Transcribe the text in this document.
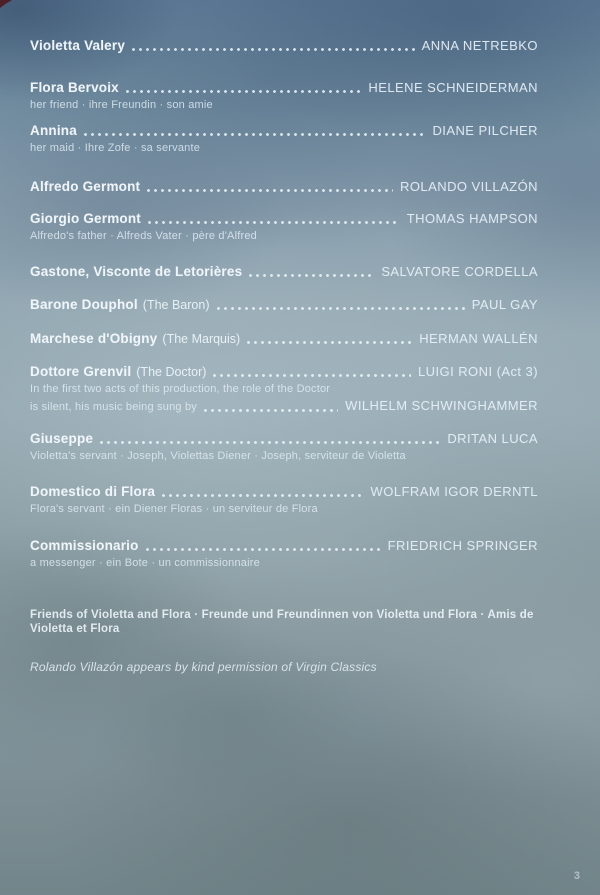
Violetta Valery	ANNA NETREBKO
Flora Bervoix	HELENE SCHNEIDERMAN
her friend · ihre Freundin · son amie
Annina	DIANE PILCHER
her maid · Ihre Zofe · sa servante
Alfredo Germont	ROLANDO VILLAZÓN
Giorgio Germont	THOMAS HAMPSON
Alfredo's father · Alfreds Vater · père d'Alfred
Gastone, Visconte de Letorières	SALVATORE CORDELLA
Barone Douphol (The Baron)	PAUL GAY
Marchese d'Obigny (The Marquis)	HERMAN WALLÉN
Dottore Grenvil (The Doctor)	LUIGI RONI (Act 3)
In the first two acts of this production, the role of the Doctor
is silent, his music being sung by	WILHELM SCHWINGHAMMER
Giuseppe	DRITAN LUCA
Violetta's servant · Joseph, Violettas Diener · Joseph, serviteur de Violetta
Domestico di Flora	WOLFRAM IGOR DERNTL
Flora's servant · ein Diener Floras · un serviteur de Flora
Commissionario	FRIEDRICH SPRINGER
a messenger · ein Bote · un commissionnaire
Friends of Violetta and Flora · Freunde und Freundinnen von Violetta und Flora · Amis de Violetta et Flora
Rolando Villazón appears by kind permission of Virgin Classics
3
